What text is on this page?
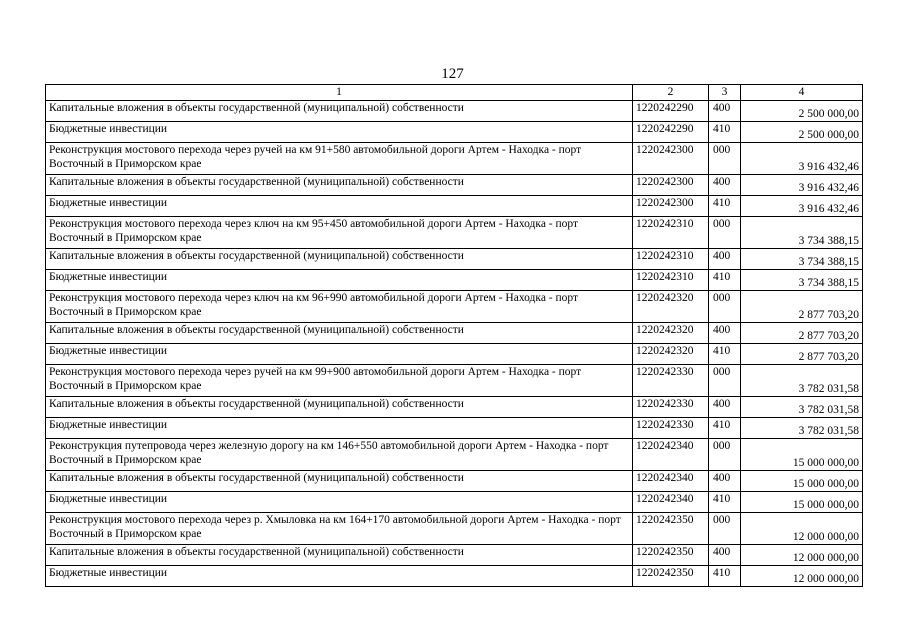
127
1	2	3	4
Капитальные вложения в объекты государственной (муниципальной) собственности	1220242290	400	2 500 000,00
Бюджетные инвестиции	1220242290	410	2 500 000,00
Реконструкция мостового перехода через ручей на км 91+580 автомобильной дороги Артем - Находка - порт Восточный в Приморском крае	1220242300	000	3 916 432,46
Капитальные вложения в объекты государственной (муниципальной) собственности	1220242300	400	3 916 432,46
Бюджетные инвестиции	1220242300	410	3 916 432,46
Реконструкция мостового перехода через ключ на км 95+450 автомобильной дороги Артем - Находка - порт Восточный в Приморском крае	1220242310	000	3 734 388,15
Капитальные вложения в объекты государственной (муниципальной) собственности	1220242310	400	3 734 388,15
Бюджетные инвестиции	1220242310	410	3 734 388,15
Реконструкция мостового перехода через ключ на км 96+990 автомобильной дороги Артем - Находка - порт Восточный в Приморском крае	1220242320	000	2 877 703,20
Капитальные вложения в объекты государственной (муниципальной) собственности	1220242320	400	2 877 703,20
Бюджетные инвестиции	1220242320	410	2 877 703,20
Реконструкция мостового перехода через ручей на км 99+900 автомобильной дороги Артем - Находка - порт Восточный в Приморском крае	1220242330	000	3 782 031,58
Капитальные вложения в объекты государственной (муниципальной) собственности	1220242330	400	3 782 031,58
Бюджетные инвестиции	1220242330	410	3 782 031,58
Реконструкция путепровода через железную дорогу на км 146+550 автомобильной дороги Артем - Находка - порт Восточный в Приморском крае	1220242340	000	15 000 000,00
Капитальные вложения в объекты государственной (муниципальной) собственности	1220242340	400	15 000 000,00
Бюджетные инвестиции	1220242340	410	15 000 000,00
Реконструкция мостового перехода через р. Хмыловка на км 164+170 автомобильной дороги Артем - Находка - порт Восточный в Приморском крае	1220242350	000	12 000 000,00
Капитальные вложения в объекты государственной (муниципальной) собственности	1220242350	400	12 000 000,00
Бюджетные инвестиции	1220242350	410	12 000 000,00
